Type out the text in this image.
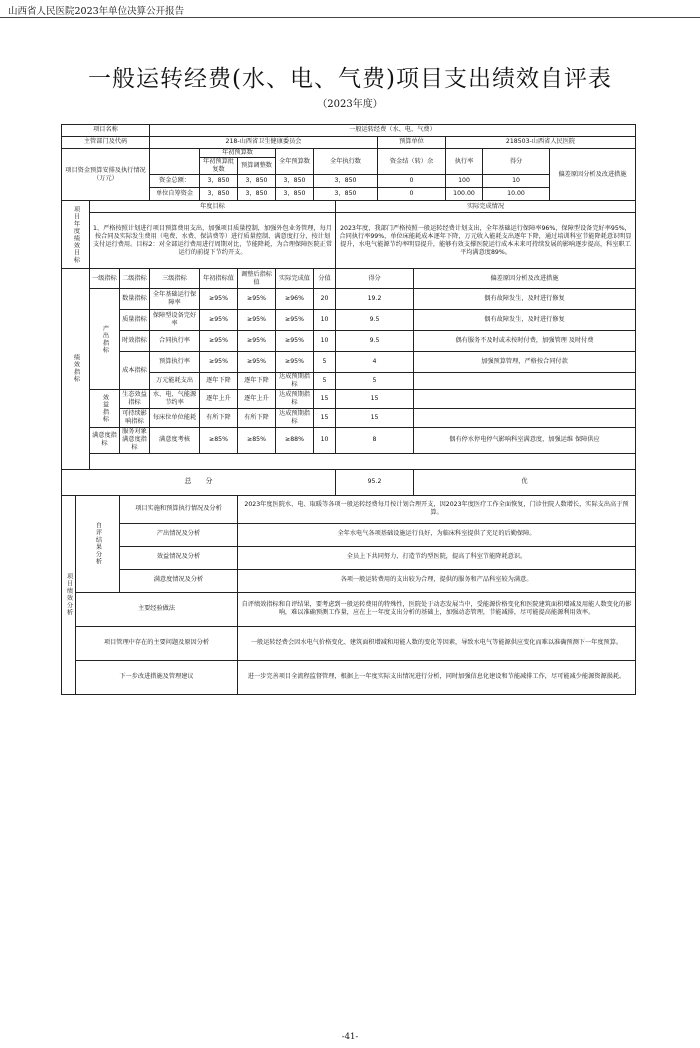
山西省人民医院2023年单位决算公开报告
一般运转经费(水、电、气费)项目支出绩效自评表
（2023年度）
项目名称				一般运转经费（水、电、气费）										
主管部门及代码				218-山西省卫生健康委员会						预算单位		218503-山西省人民医院		
项目资金预算安排及执行情况（万元）					年初预算数		全年预算数	全年执行数		资金结（转）余		执行率	得分	偏差原因分析及改进措施
					年初预算批复数	预算调整数								
				资金总额：	3，850	3，850	3，850	3，850		0		100	10	
				单位自筹资金	3，850	3，850	3，850	3，850		0		100.00	10.00	
项目年度绩效目标		年度目标							实际完成情况					
		1、严格按照计划进行项目预算费用支出，加强项目质量控制，加强外包业务管理，每月按合同及实际发生费用（电费、水费、保洁费等）进行质量控制、满意度打分，按计划支付运行费用。目标2：对全部运行费用进行周期对比，节能降耗，为合理保障医院正常运行的前提下节约开支。							2023年度，我部门严格按照一般运转经费计划支出，全年基础运行保障率96%，保障型设备完好率95%，合同执行率99%，单位床能耗成本逐年下降，万元收入能耗支出逐年下降，通过培训科室节能降耗意识明显提升，水电气能源节约率明显提升，能够有效支撑医院运行成本未来可持续发展的影响逐步提高，科室职工平均满意度89%。					
绩效指标		一级指标	二级指标	三级指标	年初指标值	调整后指标值	实际完成值	分值	得分		偏差原因分析及改进措施			
		产出指标	数量指标	全年基础运行保障率	≥95%	≥95%	≥96%	20	19.2		偶有故障发生，及时进行修复			
			质量指标	保障型设备完好率	≥95%	≥95%	≥95%	10	9.5		偶有故障发生，及时进行修复			
			时效指标	合同执行率	≥95%	≥95%	≥95%	10	9.5		偶有服务不及时或未按时付费，加强管理 及时付费			
			成本指标	预算执行率	≥95%	≥95%	≥95%	5	4		加强预算管理，严格按合同付款			
				万元能耗支出	逐年下降	逐年下降	达成预期指标	5	5					
		效益指标	生态效益指标	水、电、气能源节约率	逐年上升	逐年上升	达成预期指标	15	15					
			可持续影响指标	每床位单位能耗	有所下降	有所下降	达成预期指标	15	15					
		满意度指标	服务对象满意度指标	满意度考核	≥85%	≥85%	≥88%	10	8		偶有停水停电停气影响科室满意度，加强运维 保障供应			

总　　分									95.2		优			
项目绩效分析	自评结果分析		项目实施和预算执行情况及分析			2023年度医院水、电、取暖等各项一般运转经费每月按计划合理开支，因2023年度医疗工作全面恢复，门诊住院人数增长，实际支出高于预算。								
			产出情况及分析			全年水电气各项基础设施运行良好，为临床科室提供了充足的后勤保障。								
			效益情况及分析			全员上下共同努力，打造节约型医院，提高了科室节能降耗意识。								
			满意度情况及分析			各项一般运转费用的支出较为合理，提供的服务和产品科室较为满意。								
	主要经验做法					自评绩效指标和自评结果，要考虑到一般运转费用的特殊性，医院处于动态发展当中，受能源价格变化和医院建筑面积增减及用能人数变化的影响，难以准确预测工作量，应在上一年度支出分析的基础上，加强动态管理，节能减排，尽可能提高能源利用效率。								
	项目管理中存在的主要问题及原因分析					一般运转经费会因水电气价格变化、建筑面积增减和用能人数的变化等因素，导致水电气等能源供应变化而难以准确预测下一年度预算。								
	下一步改进措施及管理建议					进一步完善项目全流程监督管理，根据上一年度实际支出情况进行分析，同时加强信息化建设和节能减排工作，尽可能减少能源资源损耗。								
-41-
